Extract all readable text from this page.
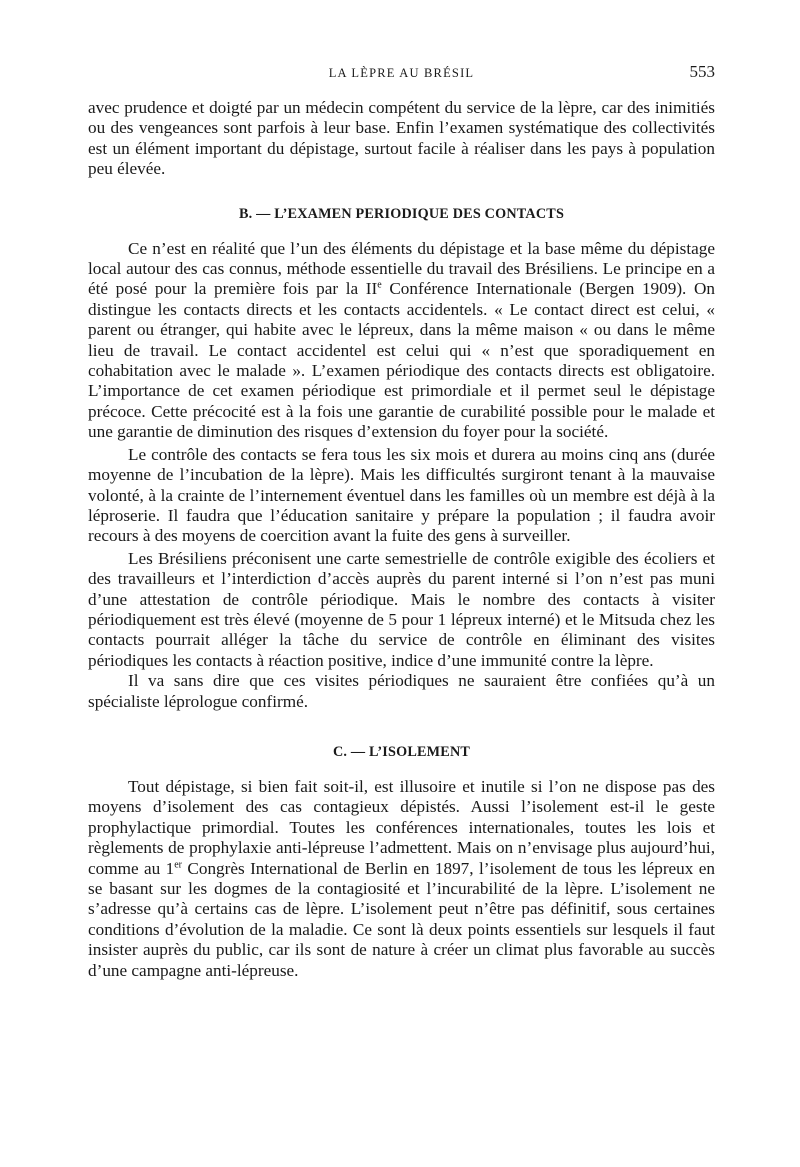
LA LÈPRE AU BRÉSIL	553

avec prudence et doigté par un médecin compétent du service de la lèpre, car des inimitiés ou des vengeances sont parfois à leur base. Enfin l’examen systématique des collectivités est un élément important du dépistage, surtout facile à réaliser dans les pays à population peu élevée.

B. — L’EXAMEN PERIODIQUE DES CONTACTS

Ce n’est en réalité que l’un des éléments du dépistage et la base même du dépistage local autour des cas connus, méthode essentielle du travail des Brésiliens. Le principe en a été posé pour la première fois par la IIe Conférence Internationale (Bergen 1909). On distingue les contacts directs et les contacts accidentels. « Le contact direct est celui, « parent ou étranger, qui habite avec le lépreux, dans la même maison « ou dans le même lieu de travail. Le contact accidentel est celui qui « n’est que sporadiquement en cohabitation avec le malade ». L’examen périodique des contacts directs est obligatoire. L’importance de cet examen périodique est primordiale et il permet seul le dépistage précoce. Cette précocité est à la fois une garantie de curabilité possible pour le malade et une garantie de diminution des risques d’extension du foyer pour la société.

Le contrôle des contacts se fera tous les six mois et durera au moins cinq ans (durée moyenne de l’incubation de la lèpre). Mais les difficultés surgiront tenant à la mauvaise volonté, à la crainte de l’internement éventuel dans les familles où un membre est déjà à la léproserie. Il faudra que l’éducation sanitaire y prépare la population ; il faudra avoir recours à des moyens de coercition avant la fuite des gens à surveiller.

Les Brésiliens préconisent une carte semestrielle de contrôle exigible des écoliers et des travailleurs et l’interdiction d’accès auprès du parent interné si l’on n’est pas muni d’une attestation de contrôle périodique. Mais le nombre des contacts à visiter périodiquement est très élevé (moyenne de 5 pour 1 lépreux interné) et le Mitsuda chez les contacts pourrait alléger la tâche du service de contrôle en éliminant des visites périodiques les contacts à réaction positive, indice d’une immunité contre la lèpre.

Il va sans dire que ces visites périodiques ne sauraient être confiées qu’à un spécialiste léprologue confirmé.

C. — L’ISOLEMENT

Tout dépistage, si bien fait soit-il, est illusoire et inutile si l’on ne dispose pas des moyens d’isolement des cas contagieux dépistés. Aussi l’isolement est-il le geste prophylactique primordial. Toutes les conférences internationales, toutes les lois et règlements de prophylaxie anti-lépreuse l’admettent. Mais on n’envisage plus aujourd’hui, comme au 1er Congrès International de Berlin en 1897, l’isolement de tous les lépreux en se basant sur les dogmes de la contagiosité et l’incurabilité de la lèpre. L’isolement ne s’adresse qu’à certains cas de lèpre. L’isolement peut n’être pas définitif, sous certaines conditions d’évolution de la maladie. Ce sont là deux points essentiels sur lesquels il faut insister auprès du public, car ils sont de nature à créer un climat plus favorable au succès d’une campagne anti-lépreuse.
